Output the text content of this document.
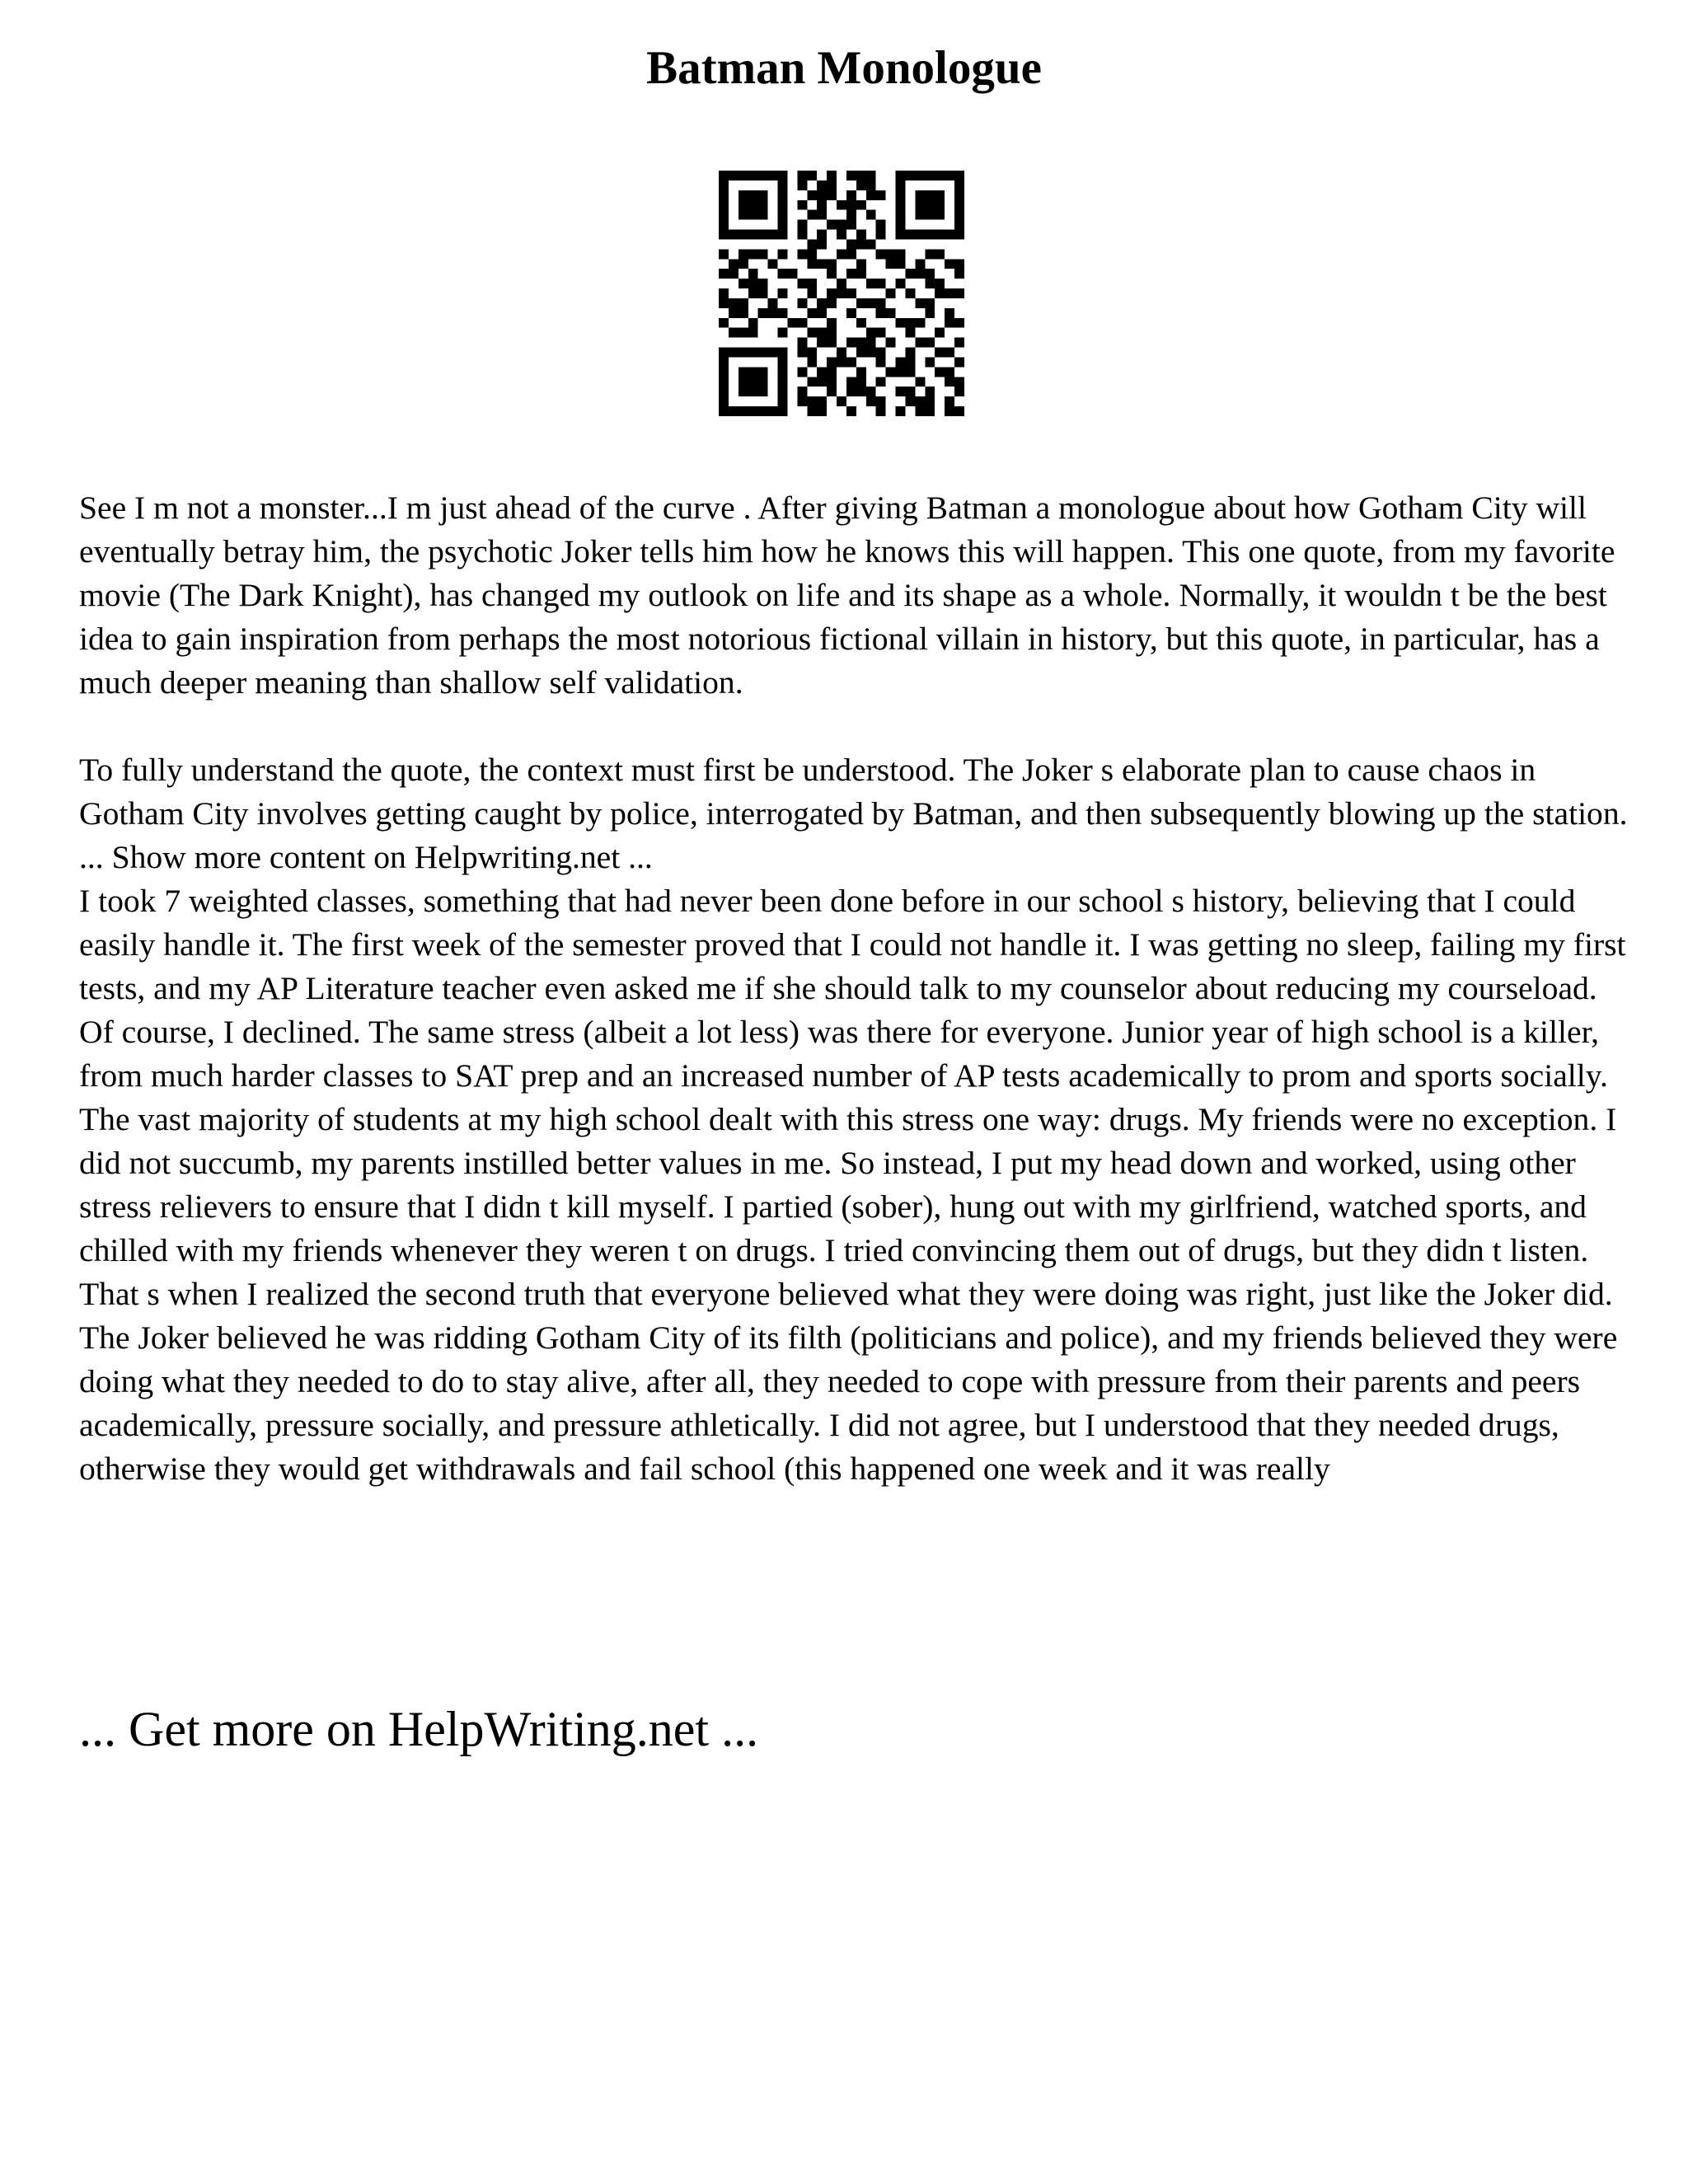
Batman Monologue

See I m not a monster...I m just ahead of the curve . After giving Batman a monologue about how Gotham City will eventually betray him, the psychotic Joker tells him how he knows this will happen. This one quote, from my favorite movie (The Dark Knight), has changed my outlook on life and its shape as a whole. Normally, it wouldn t be the best idea to gain inspiration from perhaps the most notorious fictional villain in history, but this quote, in particular, has a much deeper meaning than shallow self validation.

To fully understand the quote, the context must first be understood. The Joker s elaborate plan to cause chaos in Gotham City involves getting caught by police, interrogated by Batman, and then subsequently blowing up the station. ... Show more content on Helpwriting.net ...

I took 7 weighted classes, something that had never been done before in our school s history, believing that I could easily handle it. The first week of the semester proved that I could not handle it. I was getting no sleep, failing my first tests, and my AP Literature teacher even asked me if she should talk to my counselor about reducing my courseload. Of course, I declined. The same stress (albeit a lot less) was there for everyone. Junior year of high school is a killer, from much harder classes to SAT prep and an increased number of AP tests academically to prom and sports socially. The vast majority of students at my high school dealt with this stress one way: drugs. My friends were no exception. I did not succumb, my parents instilled better values in me. So instead, I put my head down and worked, using other stress relievers to ensure that I didn t kill myself. I partied (sober), hung out with my girlfriend, watched sports, and chilled with my friends whenever they weren t on drugs. I tried convincing them out of drugs, but they didn t listen. That s when I realized the second truth that everyone believed what they were doing was right, just like the Joker did. The Joker believed he was ridding Gotham City of its filth (politicians and police), and my friends believed they were doing what they needed to do to stay alive, after all, they needed to cope with pressure from their parents and peers academically, pressure socially, and pressure athletically. I did not agree, but I understood that they needed drugs, otherwise they would get withdrawals and fail school (this happened one week and it was really

... Get more on HelpWriting.net ...
